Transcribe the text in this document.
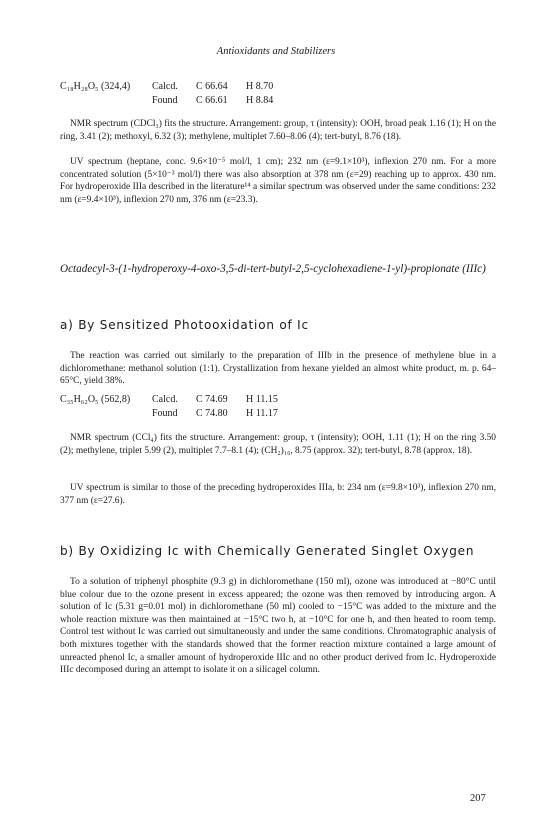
Antioxidants and Stabilizers
C₁₈H₂₈O₅ (324,4)	Calcd.	C 66.64	H 8.70
Found	C 66.61	H 8.84

NMR spectrum (CDCl₃) fits the structure. Arrangement: group, τ (intensity): OOH, broad peak 1.16 (1); H on the ring, 3.41 (2); methoxyl, 6.32 (3); methylene, multiplet 7.60–8.06 (4); tert-butyl, 8.76 (18).

UV spectrum (heptane, conc. 9.6×10⁻⁵ mol/l, 1 cm); 232 nm (ε=9.1×10³), inflexion 270 nm. For a more concentrated solution (5×10⁻³ mol/l) there was also absorption at 378 nm (ε=29) reaching up to approx. 430 nm. For hydroperoxide IIIa described in the literature¹⁴ a similar spectrum was observed under the same conditions: 232 nm (ε=9.4×10³), inflexion 270 nm, 376 nm (ε=23.3).

Octadecyl-3-(1-hydroperoxy-4-oxo-3,5-di-tert-butyl-2,5-cyclohexadiene-1-yl)-propionate (IIIc)
a) By Sensitized Photooxidation of Ic

The reaction was carried out similarly to the preparation of IIIb in the presence of methylene blue in a dichloromethane: methanol solution (1:1). Crystallization from hexane yielded an almost white product, m. p. 64–65°C, yield 38%.

C₃₅H₆₂O₅ (562,8)	Calcd.	C 74.69	H 11.15
Found	C 74.80	H 11.17

NMR spectrum (CCl₄) fits the structure. Arrangement: group, τ (intensity); OOH, 1.11 (1); H on the ring 3.50 (2); methylene, triplet 5.99 (2), multiplet 7.7–8.1 (4); (CH₂)₁₆, 8.75 (approx. 32); tert-butyl, 8.78 (approx. 18).

UV spectrum is similar to those of the preceding hydroperoxides IIIa, b: 234 nm (ε=9.8×10³), inflexion 270 nm, 377 nm (ε=27.6).

b) By Oxidizing Ic with Chemically Generated Singlet Oxygen

To a solution of triphenyl phosphite (9.3 g) in dichloromethane (150 ml), ozone was introduced at −80°C until blue colour due to the ozone present in excess appeared; the ozone was then removed by introducing argon. A solution of Ic (5.31 g=0.01 mol) in dichloromethane (50 ml) cooled to −15°C was added to the mixture and the whole reaction mixture was then maintained at −15°C two h, at −10°C for one h, and then heated to room temp. Control test without Ic was carried out simultaneously and under the same conditions. Chromatographic analysis of both mixtures together with the standards showed that the former reaction mixture contained a large amount of unreacted phenol Ic, a smaller amount of hydroperoxide IIIc and no other product derived from Ic. Hydroperoxide IIIc decomposed during an attempt to isolate it on a silicagel column.

207
